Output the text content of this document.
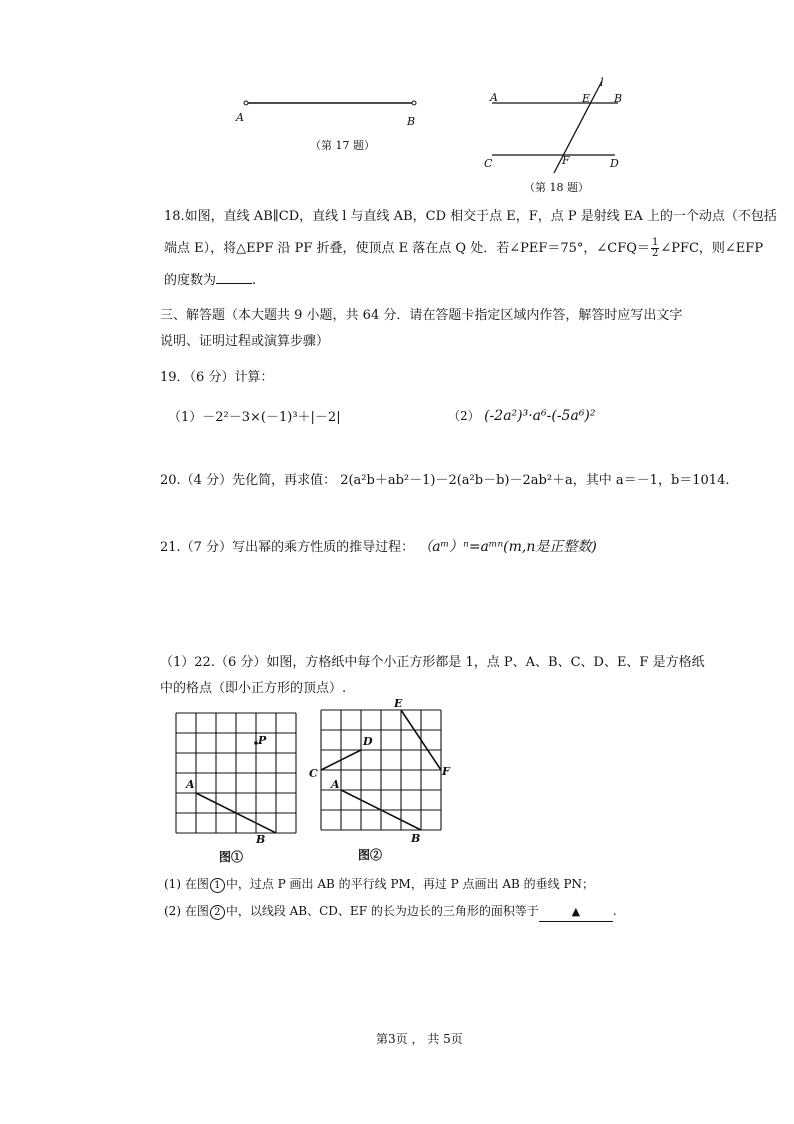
A	B
（第 17 题）
A	E B
l
C	F	D
（第 18 题）
18.如图，直线 AB∥CD，直线 l 与直线 AB，CD 相交于点 E，F，点 P 是射线 EA 上的一个动点（不包括
端点 E），将△EPF 沿 PF 折叠，使顶点 E 落在点 Q 处．若∠PEF＝75°，∠CFQ＝ $\frac{1}{2}$ ∠PFC，则∠EFP
的度数为	.
三、解答题（本大题共 9 小题，共 64 分．请在答题卡指定区域内作答，解答时应写出文字
说明、证明过程或演算步骤）
19．（6 分）计算：
（1）－2²－3×(－1)³＋|－2|	（2） (-2a²)³·a⁶-(-5a⁶)²
20.（4 分）先化简，再求值： 2(a²b＋ab²－1)－2(a²b－b)－2ab²＋a，其中 a＝－1，b＝1014.
21.（7 分）写出幂的乘方性质的推导过程： （aᵐ）ⁿ=aᵐⁿ(m,n是正整数)
（1）22.（6 分）如图，方格纸中每个小正方形都是 1，点 P、A、B、C、D、E、F 是方格纸
中的格点（即小正方形的顶点）.
P
A
B
图①
E
D
C	F
A
B
图②
(1) 在图 1 中，过点 P 画出 AB 的平行线 PM，再过 P 点画出 AB 的垂线 PN；
(2) 在图 2 中，以线段 AB、CD、EF 的长为边长的三角形的面积等于	▲	.
第3页 ， 共 5页
